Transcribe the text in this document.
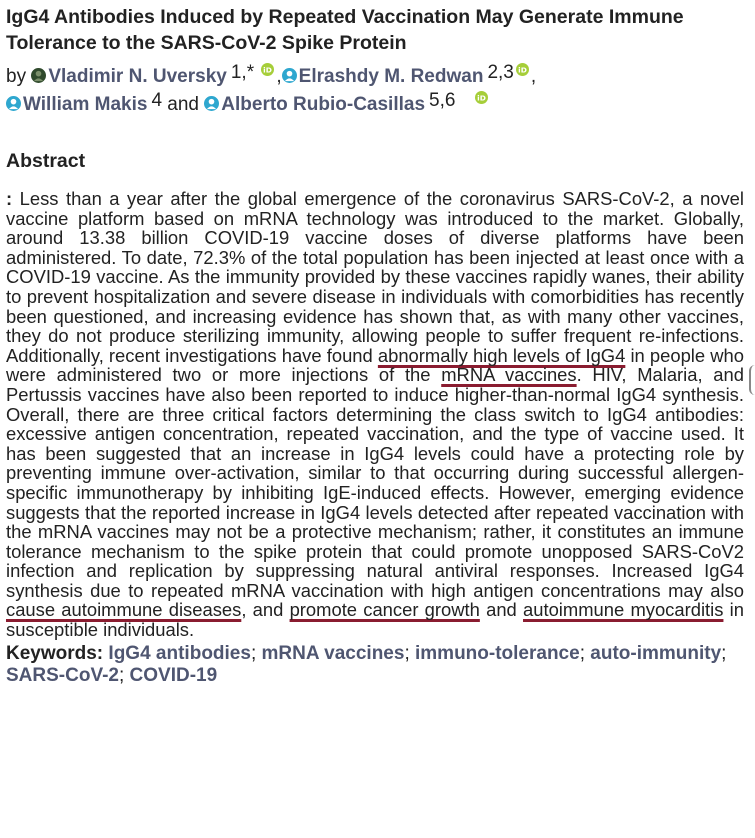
IgG4 Antibodies Induced by Repeated Vaccination May Generate Immune Tolerance to the SARS-CoV-2 Spike Protein
by Vladimir N. Uversky 1,* iD , Elrashdy M. Redwan 2,3 iD ,
William Makis 4 and Alberto Rubio-Casillas 5,6	iD
Abstract
: Less than a year after the global emergence of the coronavirus SARS-CoV-2, a novel vaccine platform based on mRNA technology was introduced to the market. Globally, around 13.38 billion COVID-19 vaccine doses of diverse platforms have been administered. To date, 72.3% of the total population has been injected at least once with a COVID-19 vaccine. As the immunity provided by these vaccines rapidly wanes, their ability to prevent hospitalization and severe disease in individuals with comorbidities has recently been questioned, and increasing evidence has shown that, as with many other vaccines, they do not produce sterilizing immunity, allowing people to suffer frequent re-infections. Additionally, recent investigations have found abnormally high levels of IgG4 in people who were administered two or more injections of the mRNA vaccines. HIV, Malaria, and Pertussis vaccines have also been reported to induce higher-than-normal IgG4 synthesis. Overall, there are three critical factors determining the class switch to IgG4 antibodies: excessive antigen concentration, repeated vaccination, and the type of vaccine used. It has been suggested that an increase in IgG4 levels could have a protecting role by preventing immune over-activation, similar to that occurring during successful allergen-specific immunotherapy by inhibiting IgE-induced effects. However, emerging evidence suggests that the reported increase in IgG4 levels detected after repeated vaccination with the mRNA vaccines may not be a protective mechanism; rather, it constitutes an immune tolerance mechanism to the spike protein that could promote unopposed SARS-CoV2 infection and replication by suppressing natural antiviral responses. Increased IgG4 synthesis due to repeated mRNA vaccination with high antigen concentrations may also cause autoimmune diseases, and promote cancer growth and autoimmune myocarditis in susceptible individuals.
Keywords: IgG4 antibodies; mRNA vaccines; immuno-tolerance; auto-immunity; SARS-CoV-2; COVID-19
